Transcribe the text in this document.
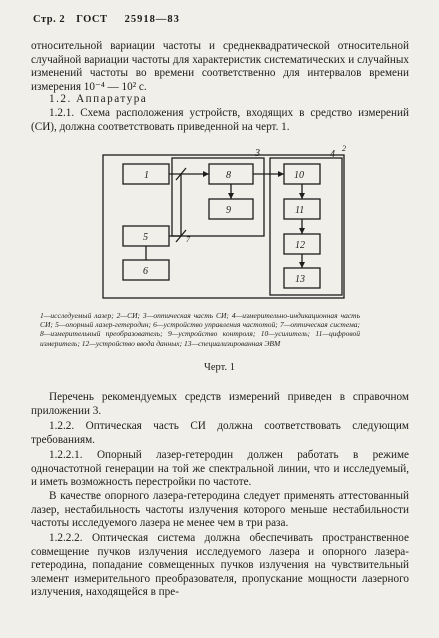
Стр. 2 ГОСТ 25918—83
относительной вариации частоты и среднеквадратической относительной случайной вариации частоты для характеристик систематических и случайных изменений частоты во времени соответственно для интервалов времени измерения 10⁻⁴ — 10² с.
1.2. Аппаратура
1.2.1. Схема расположения устройств, входящих в средство измерений (СИ), должна соответствовать приведенной на черт. 1.
1
2
3	4
5
6
7
8
9
10
11
12
13
1—исследуемый лазер; 2—СИ; 3—оптическая часть СИ; 4—измерительно-индикационная часть СИ; 5—опорный лазер-гетеродин; 6—устройство управления частотой; 7—оптическая система; 8—измерительный преобразователь; 9—устройство контроля; 10—усилитель; 11—цифровой измеритель; 12—устройство ввода данных; 13—специализированная ЭВМ
Черт. 1
Перечень рекомендуемых средств измерений приведен в справочном приложении 3.
1.2.2. Оптическая часть СИ должна соответствовать следующим требованиям.
1.2.2.1. Опорный лазер-гетеродин должен работать в режиме одночастотной генерации на той же спектральной линии, что и исследуемый, и иметь возможность перестройки по частоте.
В качестве опорного лазера-гетеродина следует применять аттестованный лазер, нестабильность частоты излучения которого меньше нестабильности частоты исследуемого лазера не менее чем в три раза.
1.2.2.2. Оптическая система должна обеспечивать пространственное совмещение пучков излучения исследуемого лазера и опорного лазера-гетеродина, попадание совмещенных пучков излучения на чувствительный элемент измерительного преобразователя, пропускание мощности лазерного излучения, находящейся в пре-
